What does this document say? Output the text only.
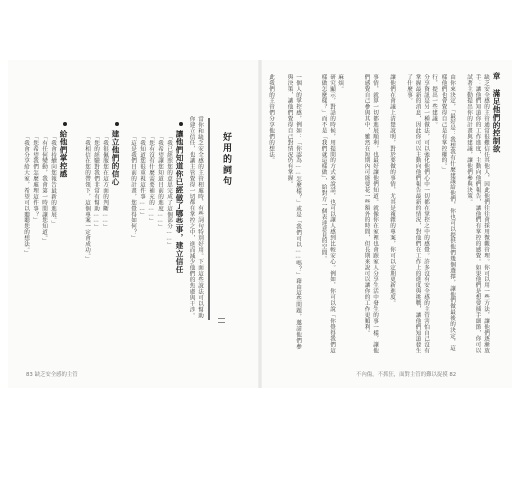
好用的詞句
當你和缺乏安全感的主管相處時，有些詞句特別好用。下面這些說法可以幫助你建立信任，也讓主管覺得一切都在掌控之中，進而減少他們的焦慮與干涉。
讓他們知道你已經做了哪些事，建立信任
「我已經照您的意思完成了這個部分……」
「我希望讓您知道目前的進度……」
「您有沒有什麼需要補充的……」
「我知道您很重視這件事……」
「這是我們目前的計畫，您覺得如何？」
建立他們的信心
「我很佩服您在這方面的判斷……」
「您的經驗對我們非常有幫助……」
「我相信在您的帶領下，這個專案一定會成功。」
給他們掌控感
「我會持續向您報告最新的進展。」
「有任何變動，我會第一時間讓您知道。」
「您希望我們怎麼處理這件事？」
「我會分享給大家，希望可以聽聽您的想法。」
83 缺乏安全感的主管
章 滿足他們的控制欲
缺乏安全感的主管通常很難信任其他人，因此他們往往會採用微觀管理。你可以用一些方法，讓他們逐漸放手：讓他們知道你的工作進度，主動向他們報告，讓他們有掌控的感覺。如果他們是想要插手細節，你可以試著主動提出你的計畫與建議，讓他們參與決策。
由你來決定，「最好是：我想我有什麼建議給他們，你也可以提供他們幾個選擇，讓他們做最後的決定，這樣他們也會覺得自己是有掌控權的。」
行，提出一些建議。
分享資訊是另一種做法，可以強化他們心中一切都在掌控之中的感覺。許多沒有安全感的主管害怕自己沒有掌握最新的消息，因此你可以主動向他們報告最新的情況，對他們在工作上的進度與挑戰，讓他們知道發生了什麼事。
讓他們在會議上清楚說明，對於要做的事情，尤其是複雜的專案，你可以定期更新進度。
事情，就算一切都進展順利，也最好讓他們知道。就像你在家裡也會跟家人分享生活中發生的事一樣，讓他們感覺自己參與其中，雖然在短期內可能要花一些額外的時間，但長期來說可以讓你的工作更順利。
麻煩。
研究顯示，對話的時候，用提問的方式來說話，也可以讓人感到比較安心。例如，你可以說「你覺得我們這樣做怎麼樣？」而不是「我們就這樣做」，給對方一個表達意見的空間。
一個人的掌控感，例如：「你認為……怎麼樣？」或是「我們可以……嗎？」藉由這些問題，邀請他們參與決策，讓他們覺得自己對情況仍有掌握。
此我們的主管們分享他們的想法。
不內傷，不抓狂，面對主管的難以捉摸 82
